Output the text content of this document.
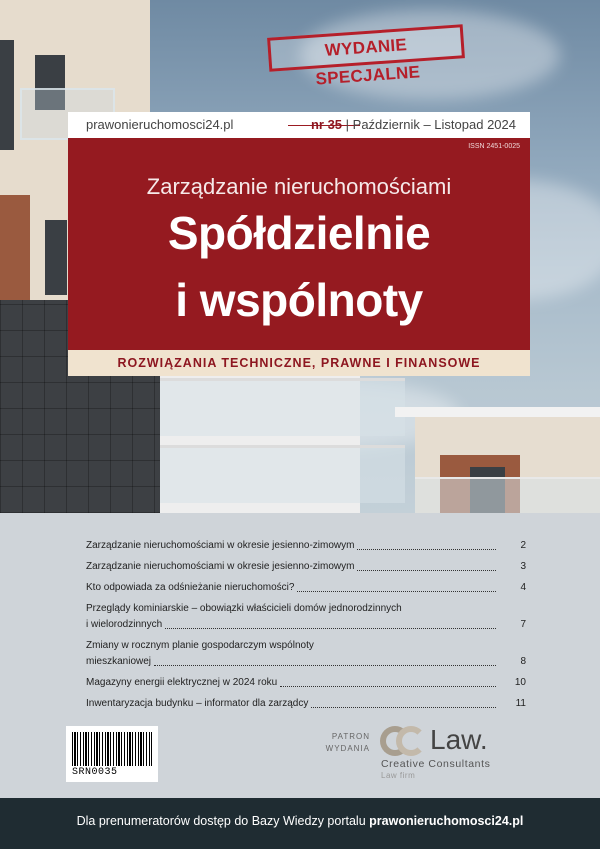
WYDANIE SPECJALNE
prawonieruchomosci24.pl	nr 35 | Październik – Listopad 2024
ISSN 2451-0025
Zarządzanie nieruchomościami
Spółdzielnie
i wspólnoty
ROZWIĄZANIA TECHNICZNE, PRAWNE I FINANSOWE
Zarządzanie nieruchomościami w okresie jesienno-zimowym	2
Zarządzanie nieruchomościami w okresie jesienno-zimowym	3
Kto odpowiada za odśnieżanie nieruchomości?	4
Przeglądy kominiarskie – obowiązki właścicieli domów jednorodzinnych
i wielorodzinnych	7
Zmiany w rocznym planie gospodarczym wspólnoty
mieszkaniowej	8
Magazyny energii elektrycznej w 2024 roku	10
Inwentaryzacja budynku – informator dla zarządcy	11
SRN0035
PATRON
WYDANIA Law.
Creative Consultants
Law firm
Dla prenumeratorów dostęp do Bazy Wiedzy portalu prawonieruchomosci24.pl
